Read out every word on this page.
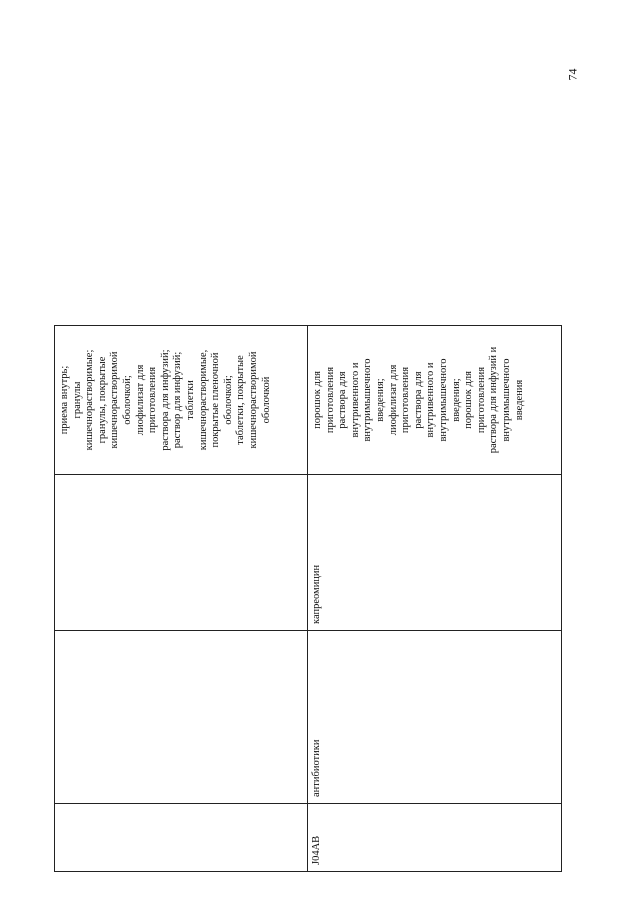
74
приема внутрь; гранулы кишечнорастворимые; гранулы, покрытые кишечнорастворимой оболочкой; лиофилизат для приготовления раствора для инфузий; раствор для инфузий; таблетки кишечнорастворимые, покрытые пленочной оболочкой; таблетки, покрытые кишечнорастворимой оболочкой
J04AB
антибиотики
капреомицин
порошок для приготовления раствора для внутривенного и внутримышечного введения; лиофилизат для приготовления раствора для внутривенного и внутримышечного введения; порошок для приготовления раствора для инфузий и внутримышечного введения
